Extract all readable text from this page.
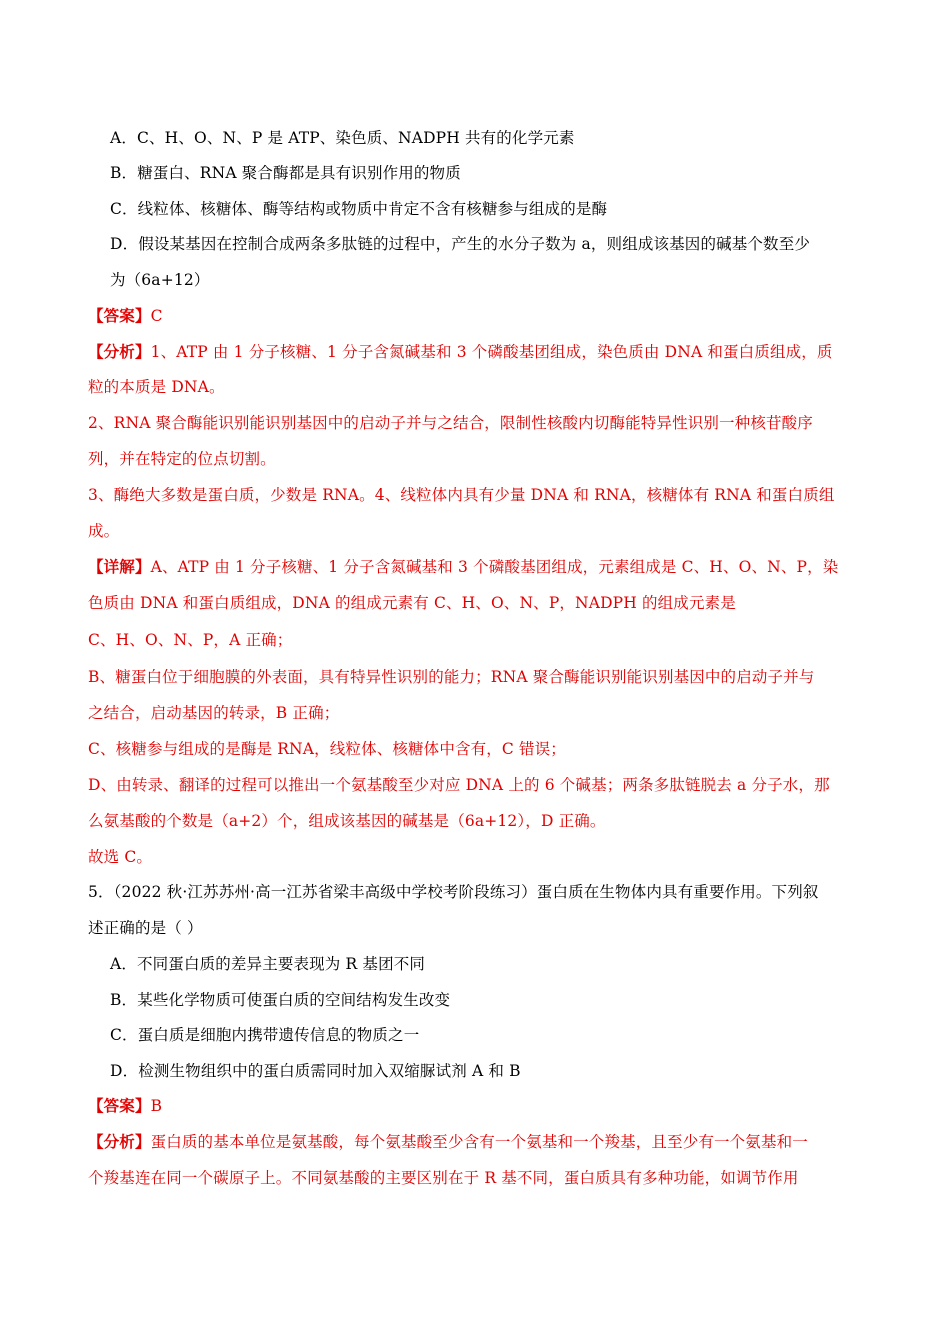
A．C、H、O、N、P 是 ATP、染色质、NADPH 共有的化学元素
B．糖蛋白、RNA 聚合酶都是具有识别作用的物质
C．线粒体、核糖体、酶等结构或物质中肯定不含有核糖参与组成的是酶
D．假设某基因在控制合成两条多肽链的过程中，产生的水分子数为 a，则组成该基因的碱基个数至少
为（6a+12）
【答案】C
【分析】1、ATP 由 1 分子核糖、1 分子含氮碱基和 3 个磷酸基团组成，染色质由 DNA 和蛋白质组成，质
粒的本质是 DNA。
2、RNA 聚合酶能识别能识别基因中的启动子并与之结合，限制性核酸内切酶能特异性识别一种核苷酸序
列，并在特定的位点切割。
3、酶绝大多数是蛋白质，少数是 RNA。4、线粒体内具有少量 DNA 和 RNA，核糖体有 RNA 和蛋白质组
成。
【详解】A、ATP 由 1 分子核糖、1 分子含氮碱基和 3 个磷酸基团组成，元素组成是 C、H、O、N、P，染
色质由 DNA 和蛋白质组成，DNA 的组成元素有 C、H、O、N、P，NADPH 的组成元素是
C、H、O、N、P，A 正确；
B、糖蛋白位于细胞膜的外表面，具有特异性识别的能力；RNA 聚合酶能识别能识别基因中的启动子并与
之结合，启动基因的转录，B 正确；
C、核糖参与组成的是酶是 RNA，线粒体、核糖体中含有，C 错误；
D、由转录、翻译的过程可以推出一个氨基酸至少对应 DNA 上的 6 个碱基；两条多肽链脱去 a 分子水，那
么氨基酸的个数是（a+2）个，组成该基因的碱基是（6a+12），D 正确。
故选 C。
5．（2022 秋·江苏苏州·高一江苏省梁丰高级中学校考阶段练习）蛋白质在生物体内具有重要作用。下列叙
述正确的是（ ）
A．不同蛋白质的差异主要表现为 R 基团不同
B．某些化学物质可使蛋白质的空间结构发生改变
C．蛋白质是细胞内携带遗传信息的物质之一
D．检测生物组织中的蛋白质需同时加入双缩脲试剂 A 和 B
【答案】B
【分析】蛋白质的基本单位是氨基酸，每个氨基酸至少含有一个氨基和一个羧基，且至少有一个氨基和一
个羧基连在同一个碳原子上。不同氨基酸的主要区别在于 R 基不同，蛋白质具有多种功能，如调节作用
